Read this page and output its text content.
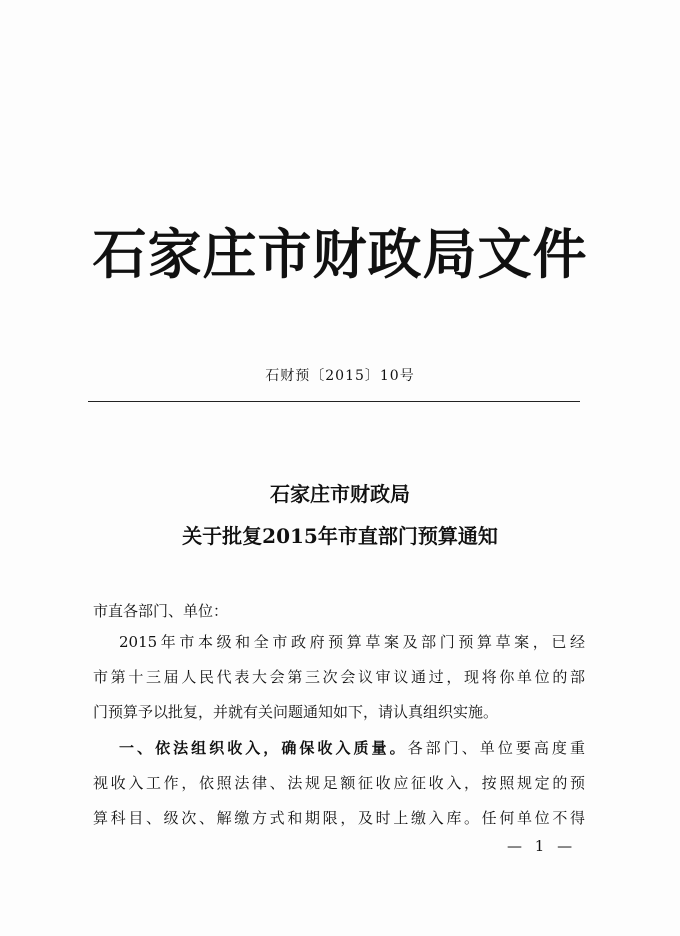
石家庄市财政局文件
石财预〔2015〕10号
石家庄市财政局
关于批复2015年市直部门预算通知
市直各部门、单位：
2015年市本级和全市政府预算草案及部门预算草案，已经
市第十三届人民代表大会第三次会议审议通过，现将你单位的部
门预算予以批复，并就有关问题通知如下，请认真组织实施。
一、依法组织收入，确保收入质量。各部门、单位要高度重
视收入工作，依照法律、法规足额征收应征收入，按照规定的预
算科目、级次、解缴方式和期限，及时上缴入库。任何单位不得
— 1 —
